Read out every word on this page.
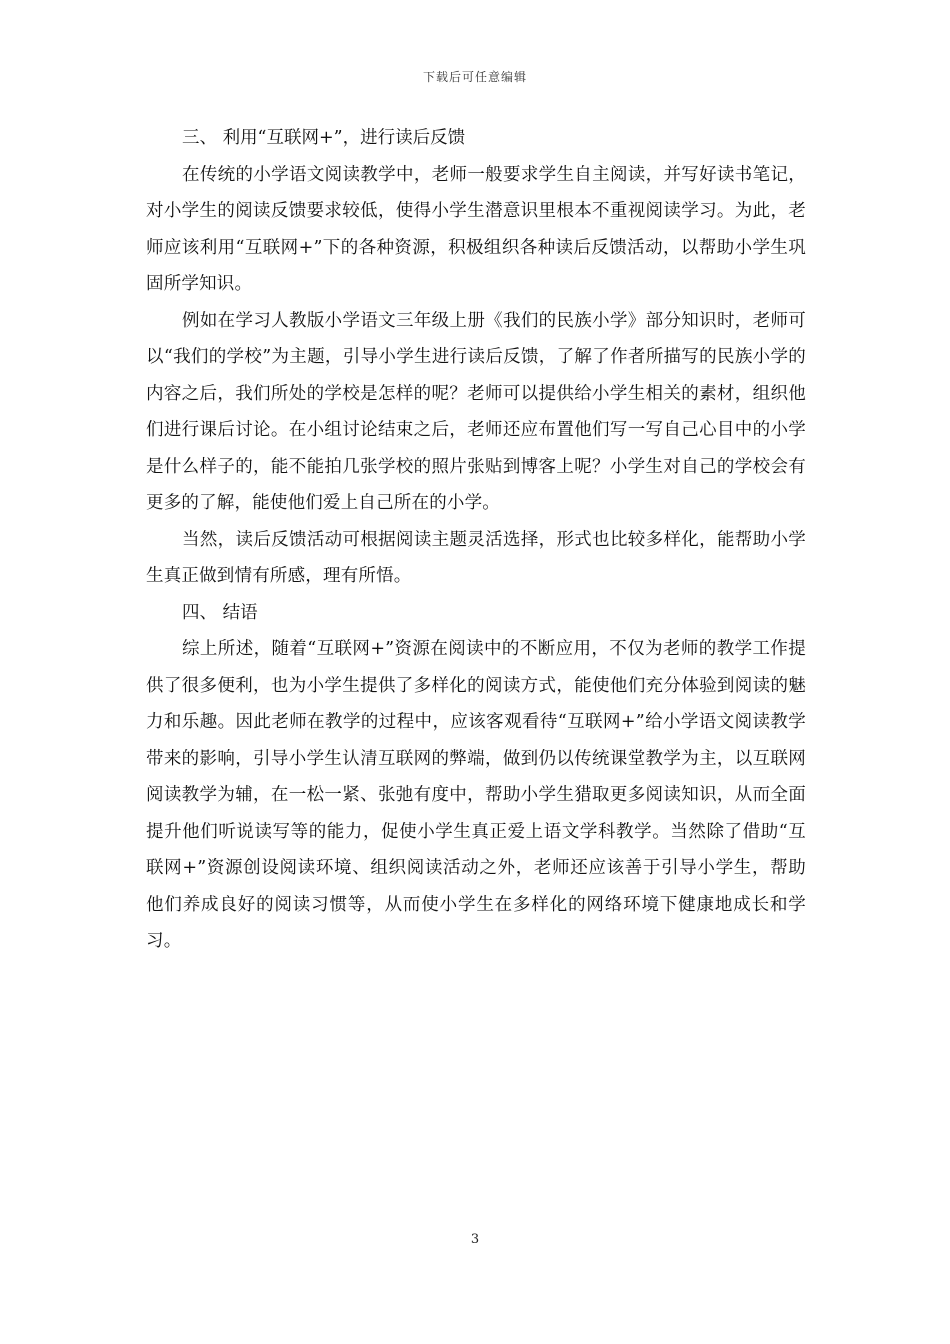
下载后可任意编辑

三、 利用“互联网+”，进行读后反馈

在传统的小学语文阅读教学中，老师一般要求学生自主阅读，并写好读书笔记，对小学生的阅读反馈要求较低，使得小学生潜意识里根本不重视阅读学习。为此，老师应该利用“互联网+”下的各种资源，积极组织各种读后反馈活动，以帮助小学生巩固所学知识。

例如在学习人教版小学语文三年级上册《我们的民族小学》部分知识时，老师可以“我们的学校”为主题，引导小学生进行读后反馈，了解了作者所描写的民族小学的内容之后，我们所处的学校是怎样的呢？老师可以提供给小学生相关的素材，组织他们进行课后讨论。在小组讨论结束之后，老师还应布置他们写一写自己心目中的小学是什么样子的，能不能拍几张学校的照片张贴到博客上呢？小学生对自己的学校会有更多的了解，能使他们爱上自己所在的小学。

当然，读后反馈活动可根据阅读主题灵活选择，形式也比较多样化，能帮助小学生真正做到情有所感，理有所悟。

四、 结语

综上所述，随着“互联网+”资源在阅读中的不断应用，不仅为老师的教学工作提供了很多便利，也为小学生提供了多样化的阅读方式，能使他们充分体验到阅读的魅力和乐趣。因此老师在教学的过程中，应该客观看待“互联网+”给小学语文阅读教学带来的影响，引导小学生认清互联网的弊端，做到仍以传统课堂教学为主，以互联网阅读教学为辅，在一松一紧、张弛有度中，帮助小学生猎取更多阅读知识，从而全面提升他们听说读写等的能力，促使小学生真正爱上语文学科教学。当然除了借助“互联网+”资源创设阅读环境、组织阅读活动之外，老师还应该善于引导小学生，帮助他们养成良好的阅读习惯等，从而使小学生在多样化的网络环境下健康地成长和学习。

3
